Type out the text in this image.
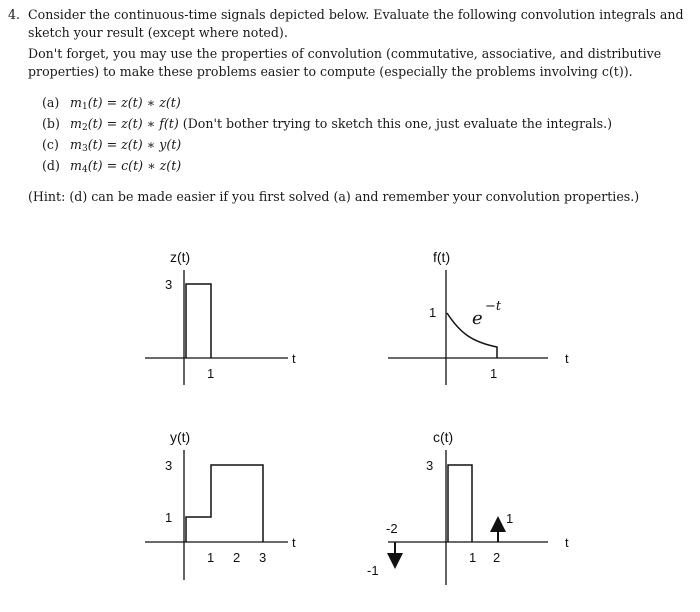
4. Consider the continuous-time signals depicted below. Evaluate the following convolution integrals and sketch your result (except where noted).
Don't forget, you may use the properties of convolution (commutative, associative, and distributive properties) to make these problems easier to compute (especially the problems involving c(t)).
(a) $m_1(t) = z(t)$ ∗ z(t)
(b) $m_2(t) = z(t)$ ∗ f(t) (Don't bother trying to sketch this one, just evaluate the integrals.)
(c) $m_3(t) = z(t)$ ∗ y(t)
(d) $m_4(t) = c(t)$ ∗ z(t)
(Hint: (d) can be made easier if you first solved (a) and remember your convolution properties.)
z(t)
3
1
t
f(t)
1
1
t
e
−t
y(t)
3
1
1 2 3
t
c(t)
3
1 2
t
-2
-1
1
